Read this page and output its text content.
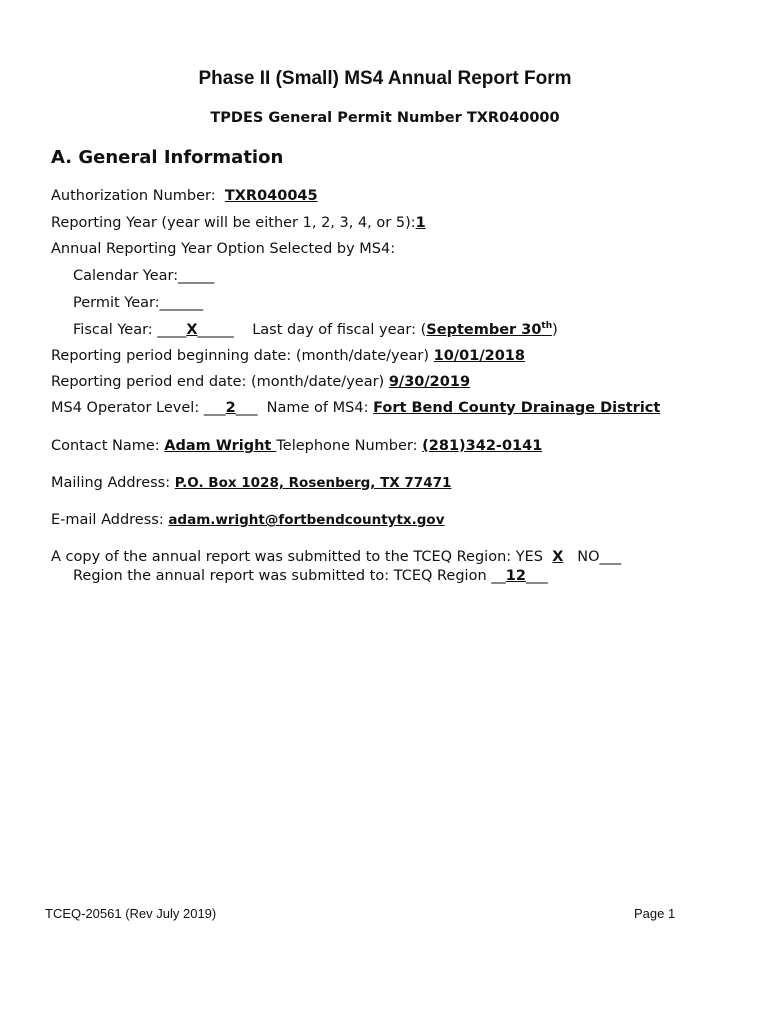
Phase II (Small) MS4 Annual Report Form
TPDES General Permit Number TXR040000
A. General Information
Authorization Number: TXR040045
Reporting Year (year will be either 1, 2, 3, 4, or 5):1
Annual Reporting Year Option Selected by MS4:
Calendar Year:_____
Permit Year:______
Fiscal Year: ____X_____ Last day of fiscal year: (September 30th)
Reporting period beginning date: (month/date/year) 10/01/2018
Reporting period end date: (month/date/year) 9/30/2019
MS4 Operator Level: ___2___ Name of MS4: Fort Bend County Drainage District
Contact Name: Adam Wright Telephone Number: (281)342-0141
Mailing Address: P.O. Box 1028, Rosenberg, TX 77471
E-mail Address: adam.wright@fortbendcountytx.gov
A copy of the annual report was submitted to the TCEQ Region: YES X NO___
Region the annual report was submitted to: TCEQ Region __12___
TCEQ-20561 (Rev July 2019)	Page 1
